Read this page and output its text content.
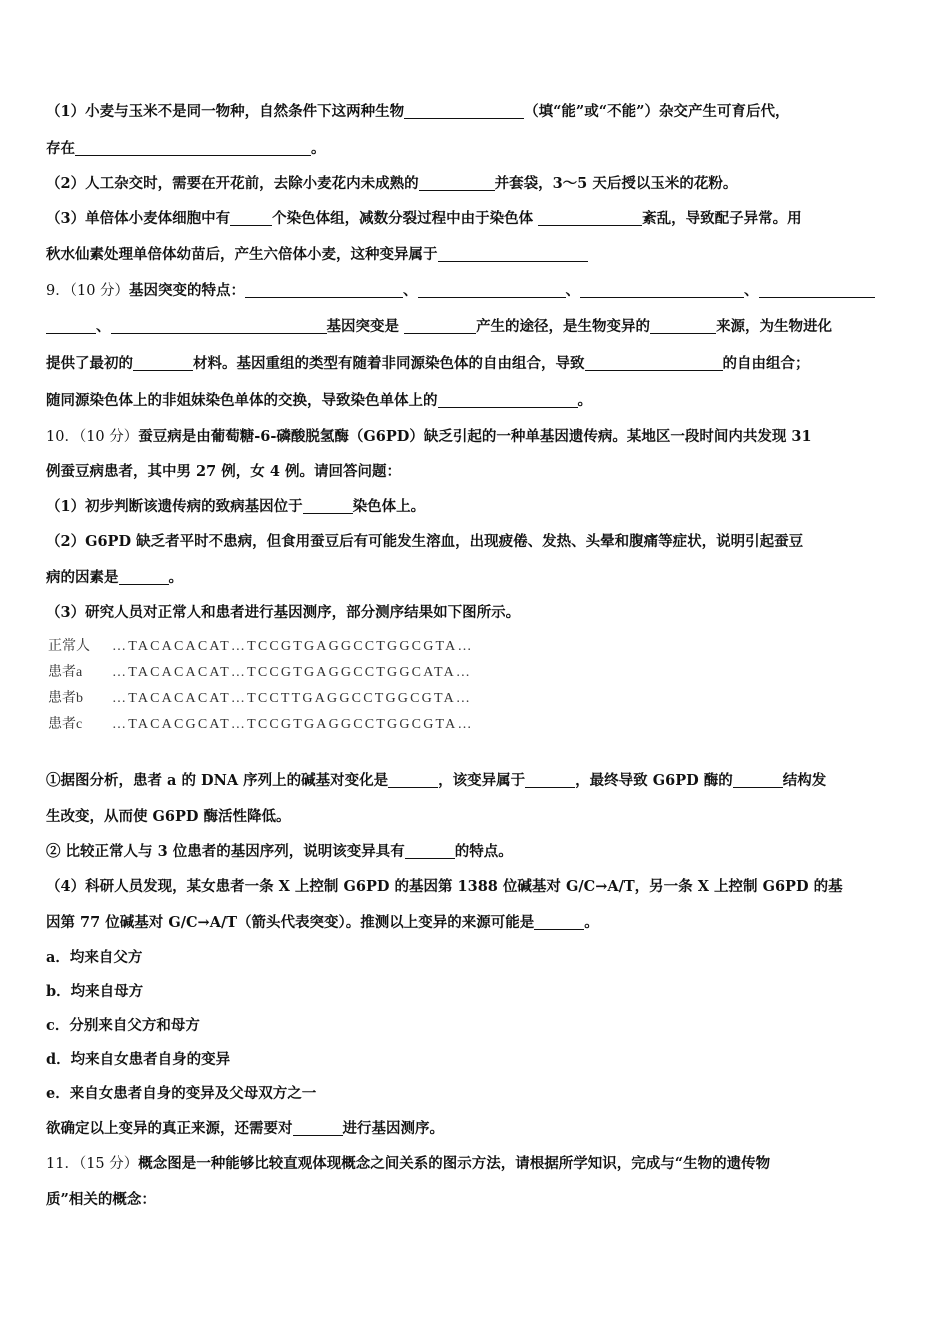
（1）小麦与玉米不是同一物种，自然条件下这两种生物	（填“能”或“不能”）杂交产生可育后代，
存在	。
（2）人工杂交时，需要在开花前，去除小麦花内未成熟的	并套袋，3～5 天后授以玉米的花粉。
（3）单倍体小麦体细胞中有	个染色体组，减数分裂过程中由于染色体	紊乱，导致配子异常。用
秋水仙素处理单倍体幼苗后，产生六倍体小麦，这种变异属于
9．（10 分）基因突变的特点：	、	、	、
、	基因突变是	产生的途径，是生物变异的	来源，为生物进化
提供了最初的	材料。基因重组的类型有随着非同源染色体的自由组合，导致	的自由组合；
随同源染色体上的非姐妹染色单体的交换，导致染色单体上的	。
10．（10 分）蚕豆病是由葡萄糖-6-磷酸脱氢酶（G6PD）缺乏引起的一种单基因遗传病。某地区一段时间内共发现 31
例蚕豆病患者，其中男 27 例，女 4 例。请回答问题：
（1）初步判断该遗传病的致病基因位于	染色体上。
（2）G6PD 缺乏者平时不患病，但食用蚕豆后有可能发生溶血，出现疲倦、发热、头晕和腹痛等症状，说明引起蚕豆
病的因素是	。
（3）研究人员对正常人和患者进行基因测序，部分测序结果如下图所示。
正常人 …TACACACAT…TCCGTGAGGCCTGGCGTA…
患者a …TACACACAT…TCCGTGAGGCCTGGCATA…
患者b …TACACACAT…TCCTTGAGGCCTGGCGTA…
患者c …TACACGCAT…TCCGTGAGGCCTGGCGTA…
①据图分析，患者 a 的 DNA 序列上的碱基对变化是	，该变异属于	，最终导致 G6PD 酶的	结构发
生改变，从而使 G6PD 酶活性降低。
② 比较正常人与 3 位患者的基因序列，说明该变异具有	的特点。
（4）科研人员发现，某女患者一条 X 上控制 G6PD 的基因第 1388 位碱基对 G/C→A/T，另一条 X 上控制 G6PD 的基
因第 77 位碱基对 G/C→A/T（箭头代表突变）。推测以上变异的来源可能是	。
a．均来自父方
b．均来自母方
c．分别来自父方和母方
d．均来自女患者自身的变异
e．来自女患者自身的变异及父母双方之一
欲确定以上变异的真正来源，还需要对	进行基因测序。
11．（15 分）概念图是一种能够比较直观体现概念之间关系的图示方法，请根据所学知识，完成与“生物的遗传物
质”相关的概念：
